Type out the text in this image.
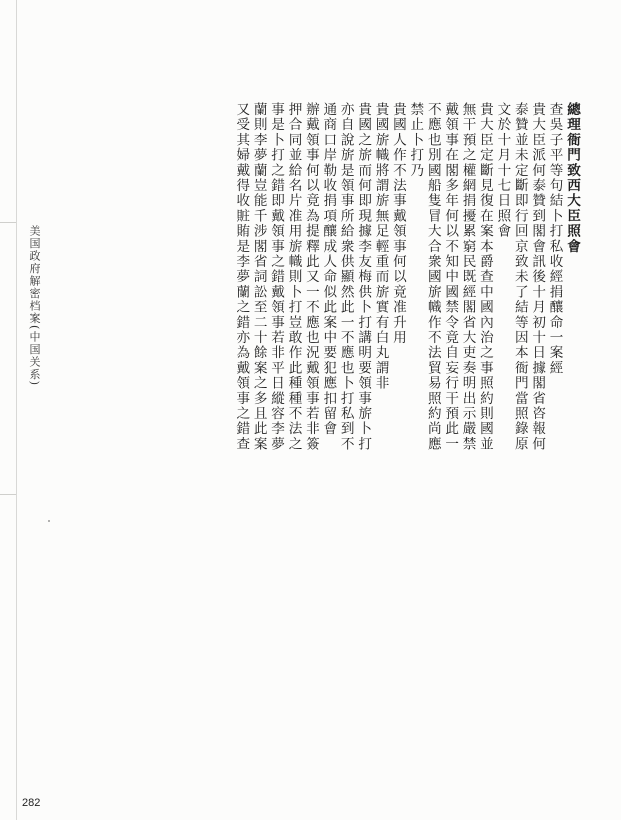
美国政府解密档案(中国关系)
總理衙門致西大臣照會
查吳子平等句結卜打私收經捐釀命一案經
貴大臣派何泰贊到閣會訊後十月初十日據閣省咨報何
泰贊並未定斷即行回京致未了結等因本衙門當照錄原
文於十月十七日照會
貴大臣定斷見復在案本爵查中國內治之事照約則國並
無干預之權網捐擾累窮民既經閣省大吏奏明出示嚴禁
戴領事在閣多年何以不知中國禁令竟自妄行干預此一
不應也別國船隻冒大合衆國旂幟作不法貿易照約尚應
禁止卜打乃
貴國人作不法事戴領事何以竟准升用
貴國旂幟將謂旂無足輕重而旂實有白丸謂非
貴國之旂而何即現據李友梅供卜打講明要領事旂卜打
亦自說旂是領事所給衆供顯然此一不應也卜打私到不
通商口岸勒收捐項釀成人命似此案中要犯應扣留會
辦戴領事何以竟為提釋此又一不應也況戴領事若非簽
押合同並給名片准用旂幟則卜打豈敢作此種種不法之
事是卜打之錯即戴領事之錯戴領事若非平日縱容李夢
蘭則李夢蘭豈能千涉閣省詞訟至二十餘案之多且此案
又受其婦戴得收賍賄是李夢蘭之錯亦為戴領事之錯查
282
